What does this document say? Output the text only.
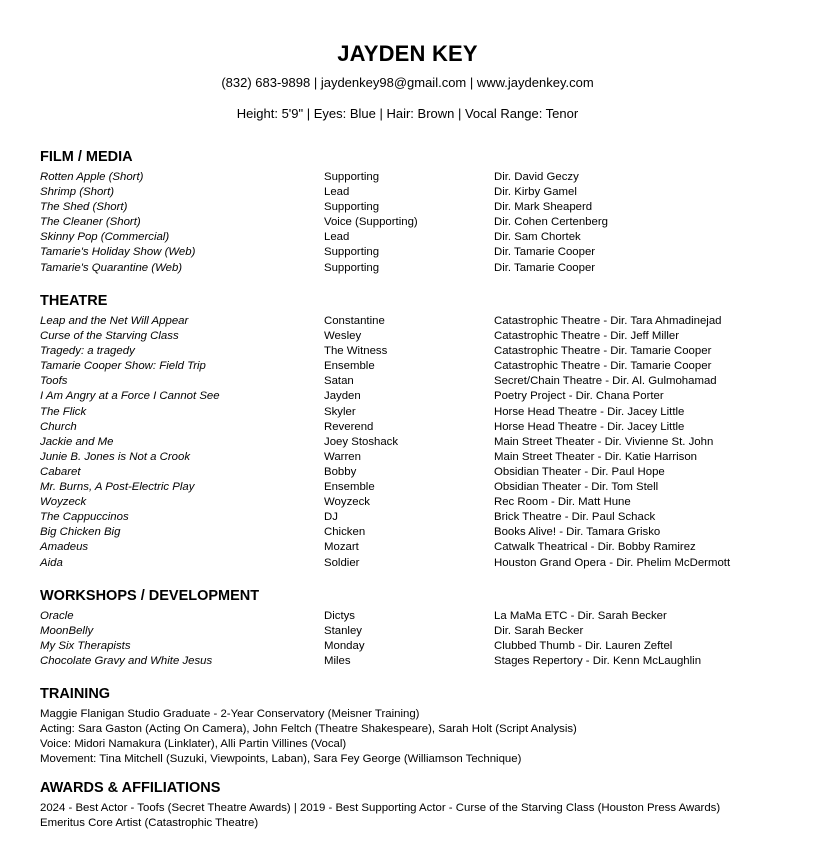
JAYDEN KEY
(832) 683-9898 | jaydenkey98@gmail.com | www.jaydenkey.com
Height: 5'9" | Eyes: Blue | Hair: Brown | Vocal Range: Tenor
FILM / MEDIA
Rotten Apple (Short)	Supporting	Dir. David Geczy
Shrimp (Short)	Lead	Dir. Kirby Gamel
The Shed (Short)	Supporting	Dir. Mark Sheaperd
The Cleaner (Short)	Voice (Supporting)	Dir. Cohen Certenberg
Skinny Pop (Commercial)	Lead	Dir. Sam Chortek
Tamarie's Holiday Show (Web)	Supporting	Dir. Tamarie Cooper
Tamarie's Quarantine (Web)	Supporting	Dir. Tamarie Cooper
THEATRE
Leap and the Net Will Appear	Constantine	Catastrophic Theatre - Dir. Tara Ahmadinejad
Curse of the Starving Class	Wesley	Catastrophic Theatre - Dir. Jeff Miller
Tragedy: a tragedy	The Witness	Catastrophic Theatre - Dir. Tamarie Cooper
Tamarie Cooper Show: Field Trip	Ensemble	Catastrophic Theatre - Dir. Tamarie Cooper
Toofs	Satan	Secret/Chain Theatre - Dir. Al. Gulmohamad
I Am Angry at a Force I Cannot See	Jayden	Poetry Project - Dir. Chana Porter
The Flick	Skyler	Horse Head Theatre - Dir. Jacey Little
Church	Reverend	Horse Head Theatre - Dir. Jacey Little
Jackie and Me	Joey Stoshack	Main Street Theater - Dir. Vivienne St. John
Junie B. Jones is Not a Crook	Warren	Main Street Theater - Dir. Katie Harrison
Cabaret	Bobby	Obsidian Theater - Dir. Paul Hope
Mr. Burns, A Post-Electric Play	Ensemble	Obsidian Theater - Dir. Tom Stell
Woyzeck	Woyzeck	Rec Room - Dir. Matt Hune
The Cappuccinos	DJ	Brick Theatre - Dir. Paul Schack
Big Chicken Big	Chicken	Books Alive! - Dir. Tamara Grisko
Amadeus	Mozart	Catwalk Theatrical - Dir. Bobby Ramirez
Aida	Soldier	Houston Grand Opera - Dir. Phelim McDermott
WORKSHOPS / DEVELOPMENT
Oracle	Dictys	La MaMa ETC - Dir. Sarah Becker
MoonBelly	Stanley	Dir. Sarah Becker
My Six Therapists	Monday	Clubbed Thumb - Dir. Lauren Zeftel
Chocolate Gravy and White Jesus	Miles	Stages Repertory - Dir. Kenn McLaughlin
TRAINING
Maggie Flanigan Studio Graduate - 2-Year Conservatory (Meisner Training)
Acting: Sara Gaston (Acting On Camera), John Feltch (Theatre Shakespeare), Sarah Holt (Script Analysis)
Voice: Midori Namakura (Linklater), Alli Partin Villines (Vocal)
Movement: Tina Mitchell (Suzuki, Viewpoints, Laban), Sara Fey George (Williamson Technique)
AWARDS & AFFILIATIONS
2024 - Best Actor - Toofs (Secret Theatre Awards) | 2019 - Best Supporting Actor - Curse of the Starving Class (Houston Press Awards)
Emeritus Core Artist (Catastrophic Theatre)
